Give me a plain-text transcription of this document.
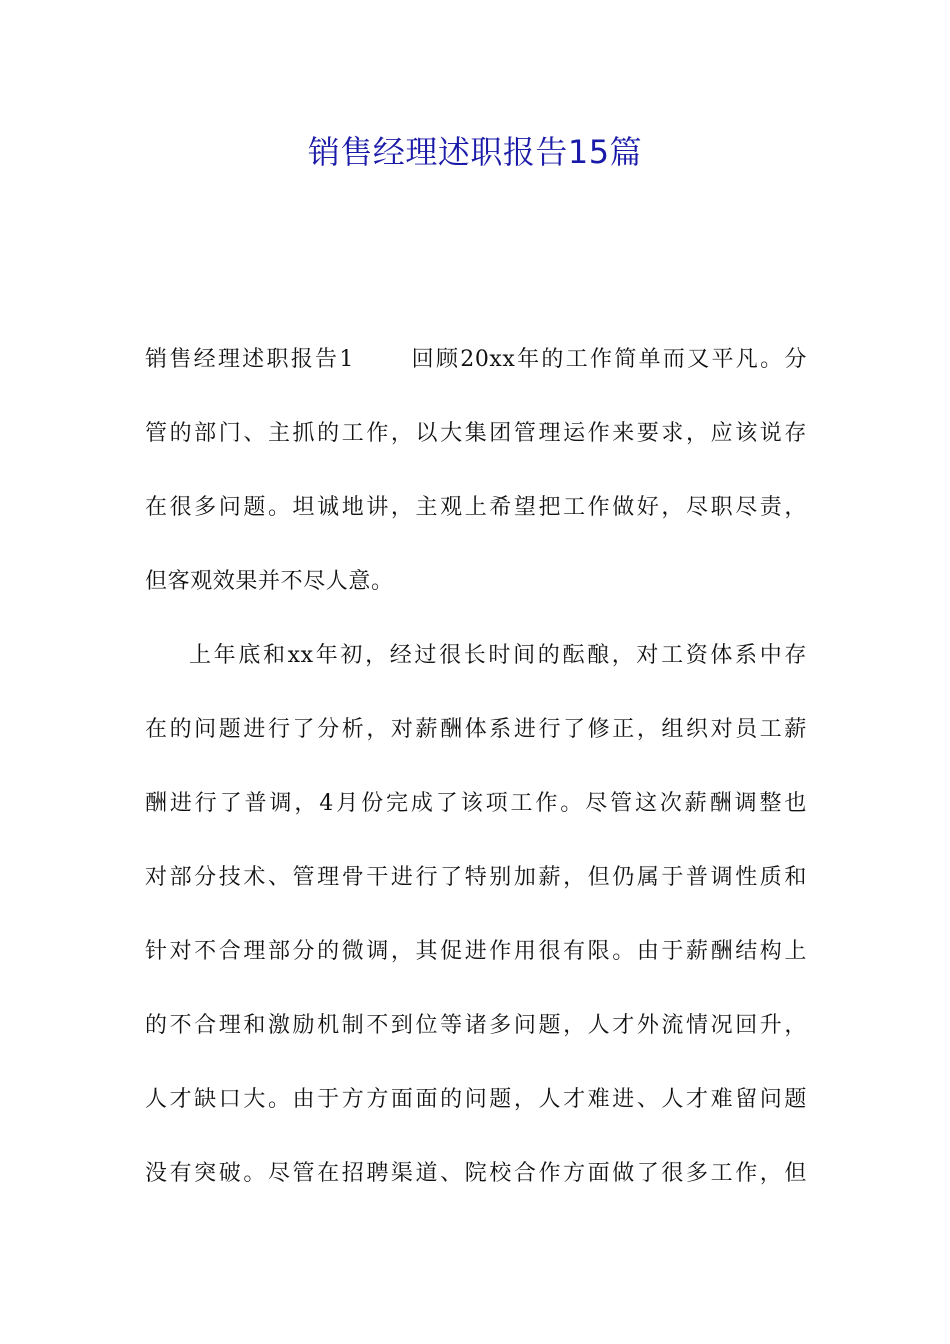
销售经理述职报告15篇
销售经理述职报告1	回顾20xx年的工作简单而又平凡。分
管的部门、主抓的工作，以大集团管理运作来要求，应该说存
在很多问题。坦诚地讲，主观上希望把工作做好，尽职尽责，
但客观效果并不尽人意。
上年底和xx年初，经过很长时间的酝酿，对工资体系中存
在的问题进行了分析，对薪酬体系进行了修正，组织对员工薪
酬进行了普调，4月份完成了该项工作。尽管这次薪酬调整也
对部分技术、管理骨干进行了特别加薪，但仍属于普调性质和
针对不合理部分的微调，其促进作用很有限。由于薪酬结构上
的不合理和激励机制不到位等诸多问题，人才外流情况回升，
人才缺口大。由于方方面面的问题，人才难进、人才难留问题
没有突破。尽管在招聘渠道、院校合作方面做了很多工作，但
